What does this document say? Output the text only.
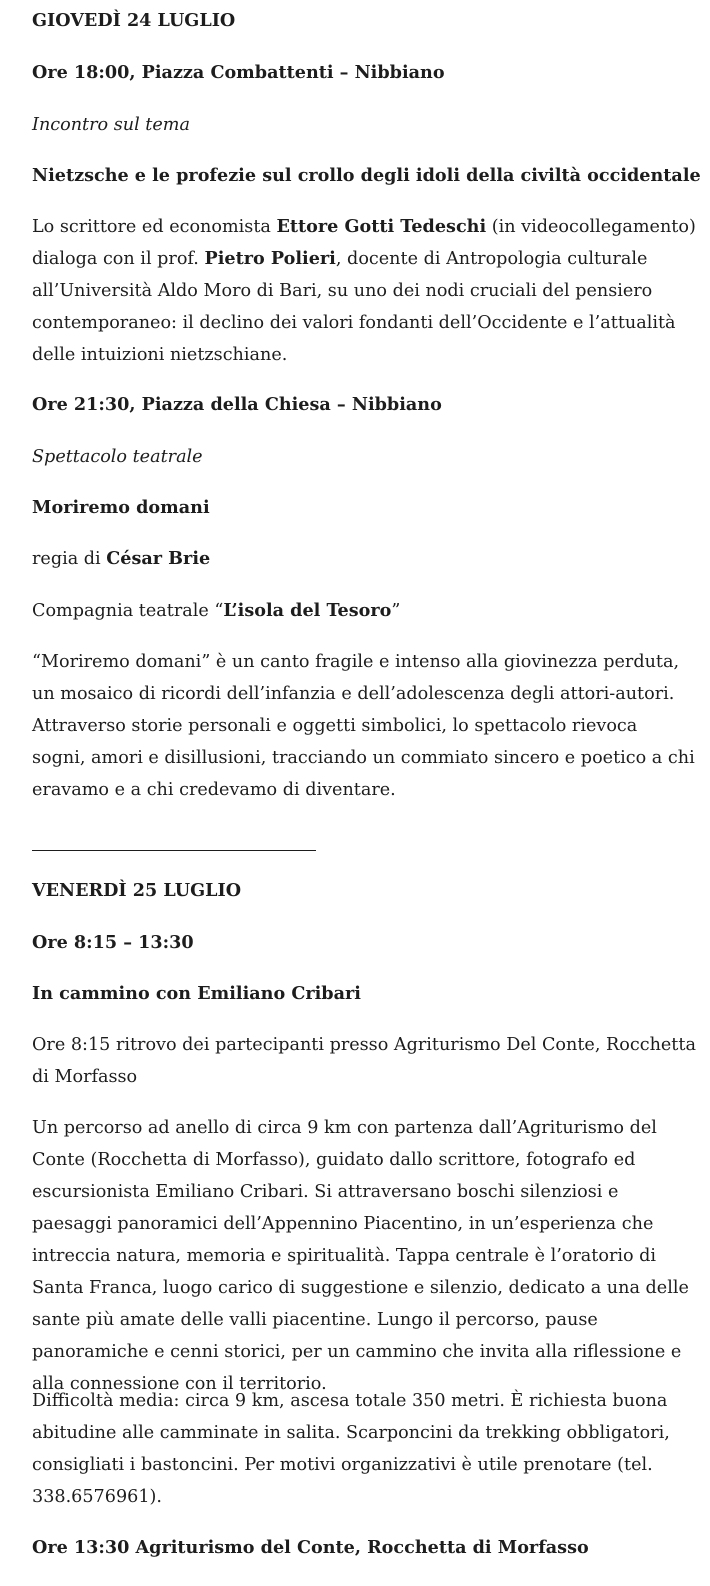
GIOVEDÌ 24 LUGLIO

Ore 18:00, Piazza Combattenti – Nibbiano

Incontro sul tema

Nietzsche e le profezie sul crollo degli idoli della civiltà occidentale

Lo scrittore ed economista Ettore Gotti Tedeschi (in videocollegamento) dialoga con il prof. Pietro Polieri, docente di Antropologia culturale all’Università Aldo Moro di Bari, su uno dei nodi cruciali del pensiero contemporaneo: il declino dei valori fondanti dell’Occidente e l’attualità delle intuizioni nietzschiane.

Ore 21:30, Piazza della Chiesa – Nibbiano

Spettacolo teatrale

Moriremo domani

regia di César Brie

Compagnia teatrale “L’isola del Tesoro”

“Moriremo domani” è un canto fragile e intenso alla giovinezza perduta, un mosaico di ricordi dell’infanzia e dell’adolescenza degli attori-autori. Attraverso storie personali e oggetti simbolici, lo spettacolo rievoca sogni, amori e disillusioni, tracciando un commiato sincero e poetico a chi eravamo e a chi credevamo di diventare.

VENERDÌ 25 LUGLIO

Ore 8:15 – 13:30

In cammino con Emiliano Cribari

Ore 8:15 ritrovo dei partecipanti presso Agriturismo Del Conte, Rocchetta di Morfasso

Un percorso ad anello di circa 9 km con partenza dall’Agriturismo del Conte (Rocchetta di Morfasso), guidato dallo scrittore, fotografo ed escursionista Emiliano Cribari. Si attraversano boschi silenziosi e paesaggi panoramici dell’Appennino Piacentino, in un’esperienza che intreccia natura, memoria e spiritualità. Tappa centrale è l’oratorio di Santa Franca, luogo carico di suggestione e silenzio, dedicato a una delle sante più amate delle valli piacentine. Lungo il percorso, pause panoramiche e cenni storici, per un cammino che invita alla riflessione e alla connessione con il territorio.

Difficoltà media: circa 9 km, ascesa totale 350 metri. È richiesta buona abitudine alle camminate in salita. Scarponcini da trekking obbligatori, consigliati i bastoncini. Per motivi organizzativi è utile prenotare (tel. 338.6576961).

Ore 13:30 Agriturismo del Conte, Rocchetta di Morfasso
